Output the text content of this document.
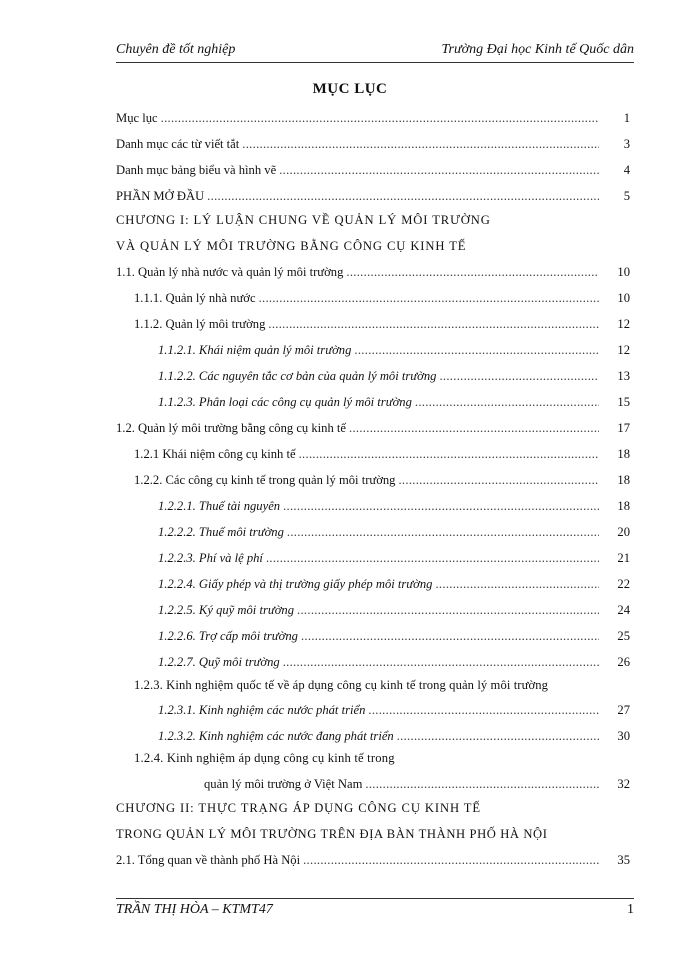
Chuyên đề tốt nghiệp	Trường Đại học Kinh tế Quốc dân
MỤC LỤC
Mục lục .....	1
Danh mục các từ viết tắt .....	3
Danh mục bảng biểu và hình vẽ .....	4
PHẦN MỞ ĐẦU .....	5
CHƯƠNG I: LÝ LUẬN CHUNG VỀ QUẢN LÝ MÔI TRƯỜNG
VÀ QUẢN LÝ MÔI TRƯỜNG BẰNG CÔNG CỤ KINH TẾ
1.1. Quản lý nhà nước và quản lý môi trường .....	10
1.1.1. Quản lý nhà nước .....	10
1.1.2. Quản lý môi trường .....	12
1.1.2.1. Khái niệm quản lý môi trường .....	12
1.1.2.2. Các nguyên tắc cơ bản của quản lý môi trường .....	13
1.1.2.3. Phân loại các công cụ quản lý môi trường .....	15
1.2. Quản lý môi trường bằng công cụ kinh tế .....	17
1.2.1 Khái niệm công cụ kinh tế .....	18
1.2.2. Các công cụ kinh tế trong quản lý môi trường .....	18
1.2.2.1. Thuế tài nguyên .....	18
1.2.2.2. Thuế môi trường .....	20
1.2.2.3. Phí và lệ phí .....	21
1.2.2.4. Giấy phép và thị trường giấy phép môi trường .....	22
1.2.2.5. Ký quỹ môi trường .....	24
1.2.2.6. Trợ cấp môi trường .....	25
1.2.2.7. Quỹ môi trường .....	26
1.2.3. Kinh nghiệm quốc tế về áp dụng công cụ kinh tế trong quản lý môi trường
1.2.3.1. Kinh nghiệm các nước phát triển .....	27
1.2.3.2. Kinh nghiệm các nước đang phát triển .....	30
1.2.4. Kinh nghiệm áp dụng công cụ kinh tế trong
quản lý môi trường ở Việt Nam .....	32
CHƯƠNG II: THỰC TRẠNG ÁP DỤNG CÔNG CỤ KINH TẾ
TRONG QUẢN LÝ MÔI TRƯỜNG TRÊN ĐỊA BÀN THÀNH PHỐ HÀ NỘI
2.1. Tổng quan về thành phố Hà Nội .....	35
TRẦN THỊ HÒA – KTMT47	1
